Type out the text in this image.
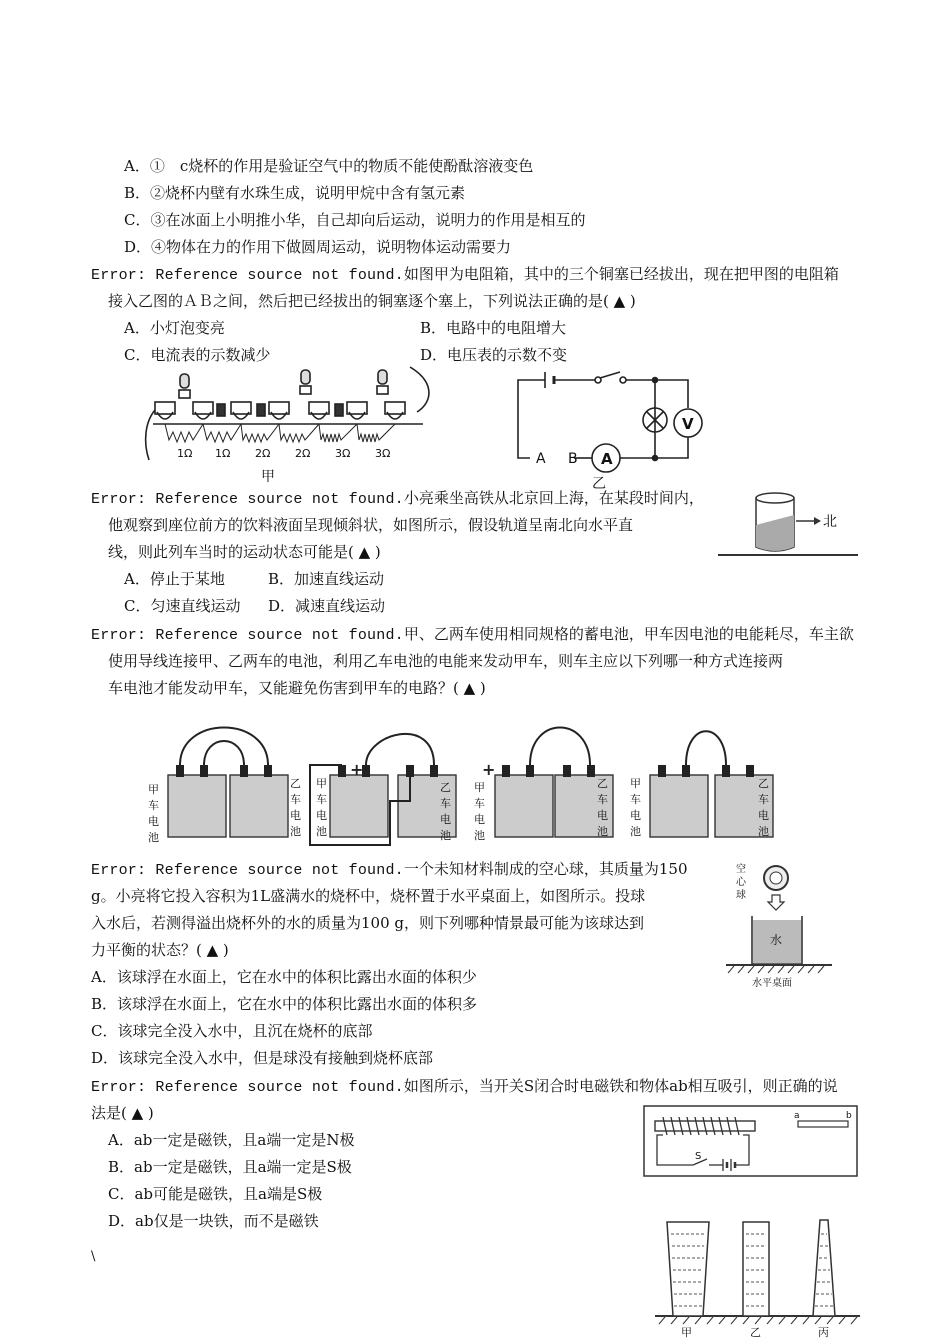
A．①　c烧杯的作用是验证空气中的物质不能使酚酞溶液变色
B．②烧杯内壁有水珠生成，说明甲烷中含有氢元素
C．③在冰面上小明推小华，自己却向后运动，说明力的作用是相互的
D．④物体在力的作用下做圆周运动，说明物体运动需要力
Error: Reference source not found.如图甲为电阻箱，其中的三个铜塞已经拔出，现在把甲图的电阻箱
接入乙图的ＡＢ之间，然后把已经拔出的铜塞逐个塞上，下列说法正确的是( ▲ )
A．小灯泡变亮	B．电路中的电阻增大
C．电流表的示数减少	D．电压表的示数不变
1Ω 1Ω 2Ω 2Ω 3Ω 3Ω
甲
A
V
A B
乙
Error: Reference source not found.小亮乘坐高铁从北京回上海，在某段时间内，
他观察到座位前方的饮料液面呈现倾斜状，如图所示，假设轨道呈南北向水平直
线，则此列车当时的运动状态可能是( ▲ )
A．停止于某地	B．加速直线运动
C．匀速直线运动 D．减速直线运动
北
Error: Reference source not found.甲、乙两车使用相同规格的蓄电池，甲车因电池的电能耗尽，车主欲
使用导线连接甲、乙两车的电池，利用乙车电池的电能来发动甲车，则车主应以下列哪一种方式连接两
车电池才能发动甲车，又能避免伤害到甲车的电路？( ▲ )
甲
车
电
池
乙
车
电
池
甲
车
电
池
乙
车
电
池
甲
车
电
池
乙
车
电
池
甲
车
电
池
乙
车
电
池
+	+
Error: Reference source not found.一个未知材料制成的空心球，其质量为150
g。小亮将它投入容积为1L盛满水的烧杯中，烧杯置于水平桌面上，如图所示。投球
入水后，若测得溢出烧杯外的水的质量为100 g，则下列哪种情景最可能为该球达到
力平衡的状态？( ▲ )
A．该球浮在水面上，它在水中的体积比露出水面的体积少
B．该球浮在水面上，它在水中的体积比露出水面的体积多
C．该球完全没入水中，且沉在烧杯的底部
D．该球完全没入水中，但是球没有接触到烧杯底部
空
心
球
水
水平桌面
Error: Reference source not found.如图所示，当开关S闭合时电磁铁和物体ab相互吸引，则正确的说
法是( ▲ )
A．ab一定是磁铁，且a端一定是N极
B．ab一定是磁铁，且a端一定是S极
C．ab可能是磁铁，且a端是S极
D．ab仅是一块铁，而不是磁铁
a	b
S
\
甲	乙	丙
